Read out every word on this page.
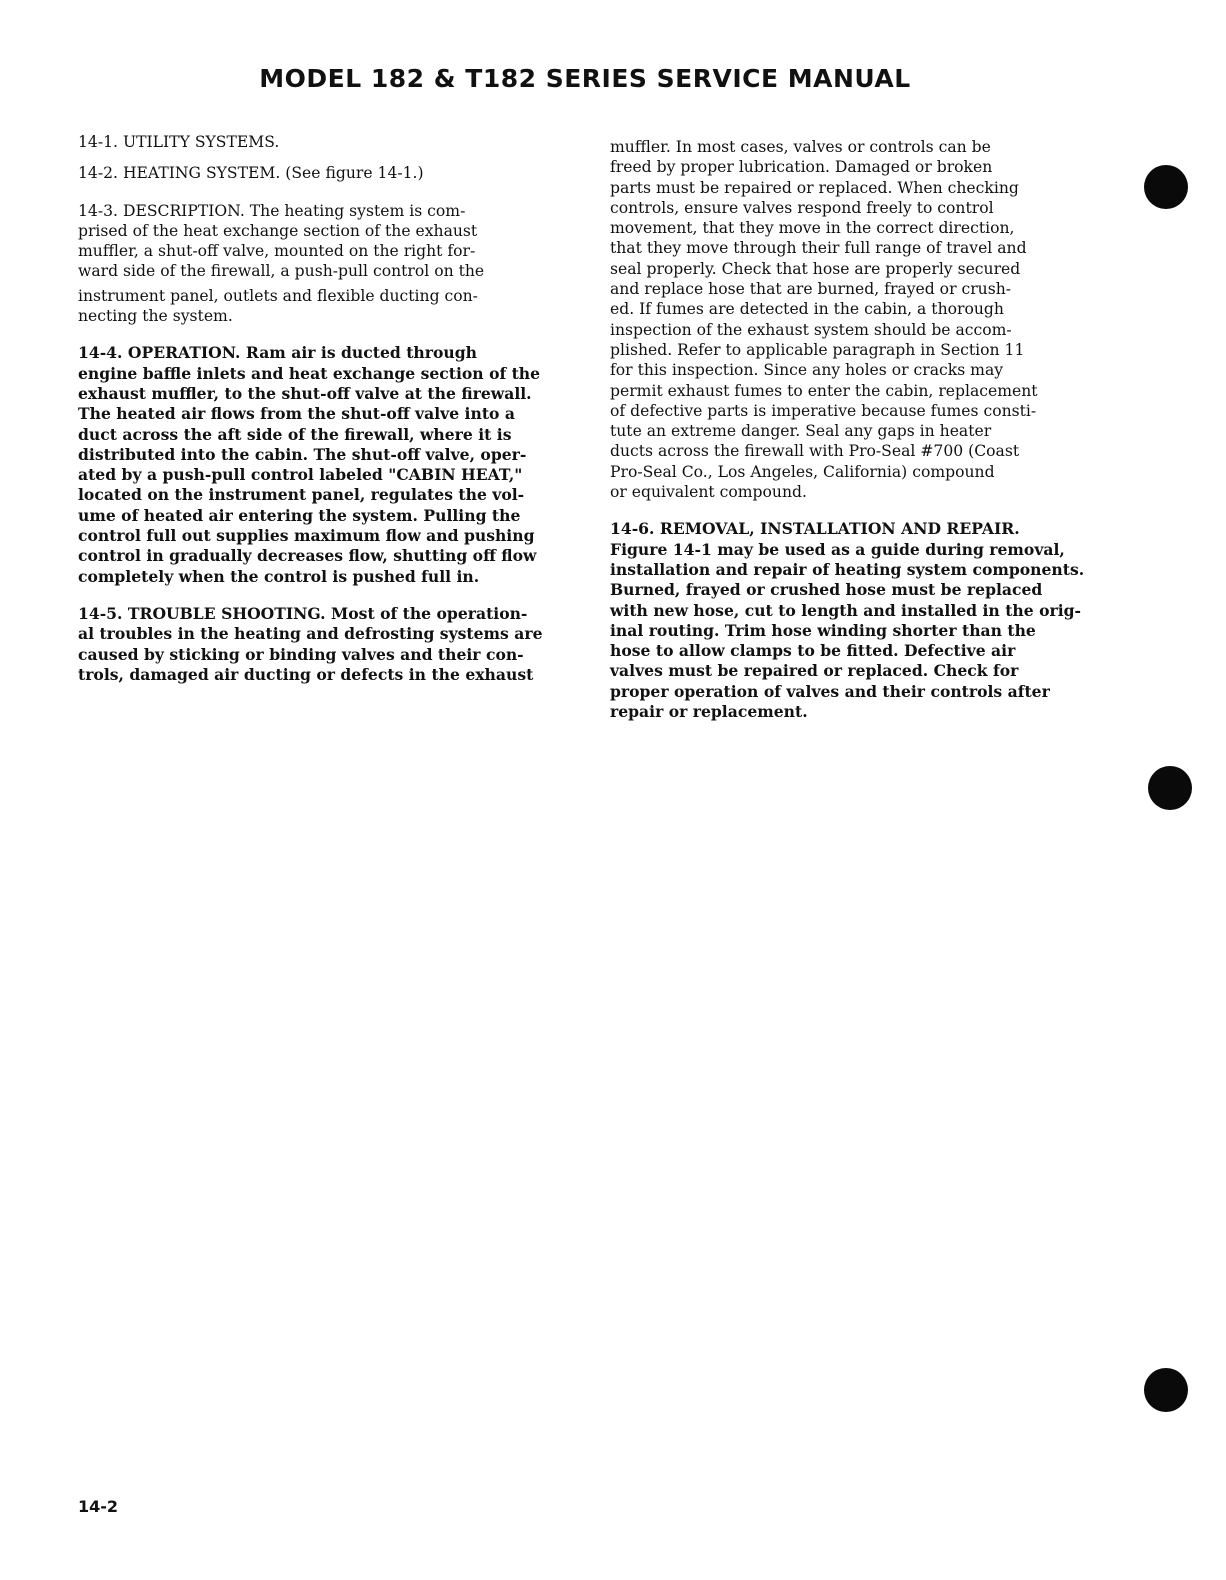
MODEL 182 & T182 SERIES SERVICE MANUAL

14-1. UTILITY SYSTEMS.

14-2. HEATING SYSTEM. (See figure 14-1.)

14-3. DESCRIPTION. The heating system is com-
prised of the heat exchange section of the exhaust
muffler, a shut-off valve, mounted on the right for-
ward side of the firewall, a push-pull control on the
instrument panel, outlets and flexible ducting con-
necting the system.

14-4. OPERATION. Ram air is ducted through
engine baffle inlets and heat exchange section of the
exhaust muffler, to the shut-off valve at the firewall.
The heated air flows from the shut-off valve into a
duct across the aft side of the firewall, where it is
distributed into the cabin. The shut-off valve, oper-
ated by a push-pull control labeled "CABIN HEAT,"
located on the instrument panel, regulates the vol-
ume of heated air entering the system. Pulling the
control full out supplies maximum flow and pushing
control in gradually decreases flow, shutting off flow
completely when the control is pushed full in.

14-5. TROUBLE SHOOTING. Most of the operation-
al troubles in the heating and defrosting systems are
caused by sticking or binding valves and their con-
trols, damaged air ducting or defects in the exhaust

muffler. In most cases, valves or controls can be
freed by proper lubrication. Damaged or broken
parts must be repaired or replaced. When checking
controls, ensure valves respond freely to control
movement, that they move in the correct direction,
that they move through their full range of travel and
seal properly. Check that hose are properly secured
and replace hose that are burned, frayed or crush-
ed. If fumes are detected in the cabin, a thorough
inspection of the exhaust system should be accom-
plished. Refer to applicable paragraph in Section 11
for this inspection. Since any holes or cracks may
permit exhaust fumes to enter the cabin, replacement
of defective parts is imperative because fumes consti-
tute an extreme danger. Seal any gaps in heater
ducts across the firewall with Pro-Seal #700 (Coast
Pro-Seal Co., Los Angeles, California) compound
or equivalent compound.

14-6. REMOVAL, INSTALLATION AND REPAIR.
Figure 14-1 may be used as a guide during removal,
installation and repair of heating system components.
Burned, frayed or crushed hose must be replaced
with new hose, cut to length and installed in the orig-
inal routing. Trim hose winding shorter than the
hose to allow clamps to be fitted. Defective air
valves must be repaired or replaced. Check for
proper operation of valves and their controls after
repair or replacement.

14-2
